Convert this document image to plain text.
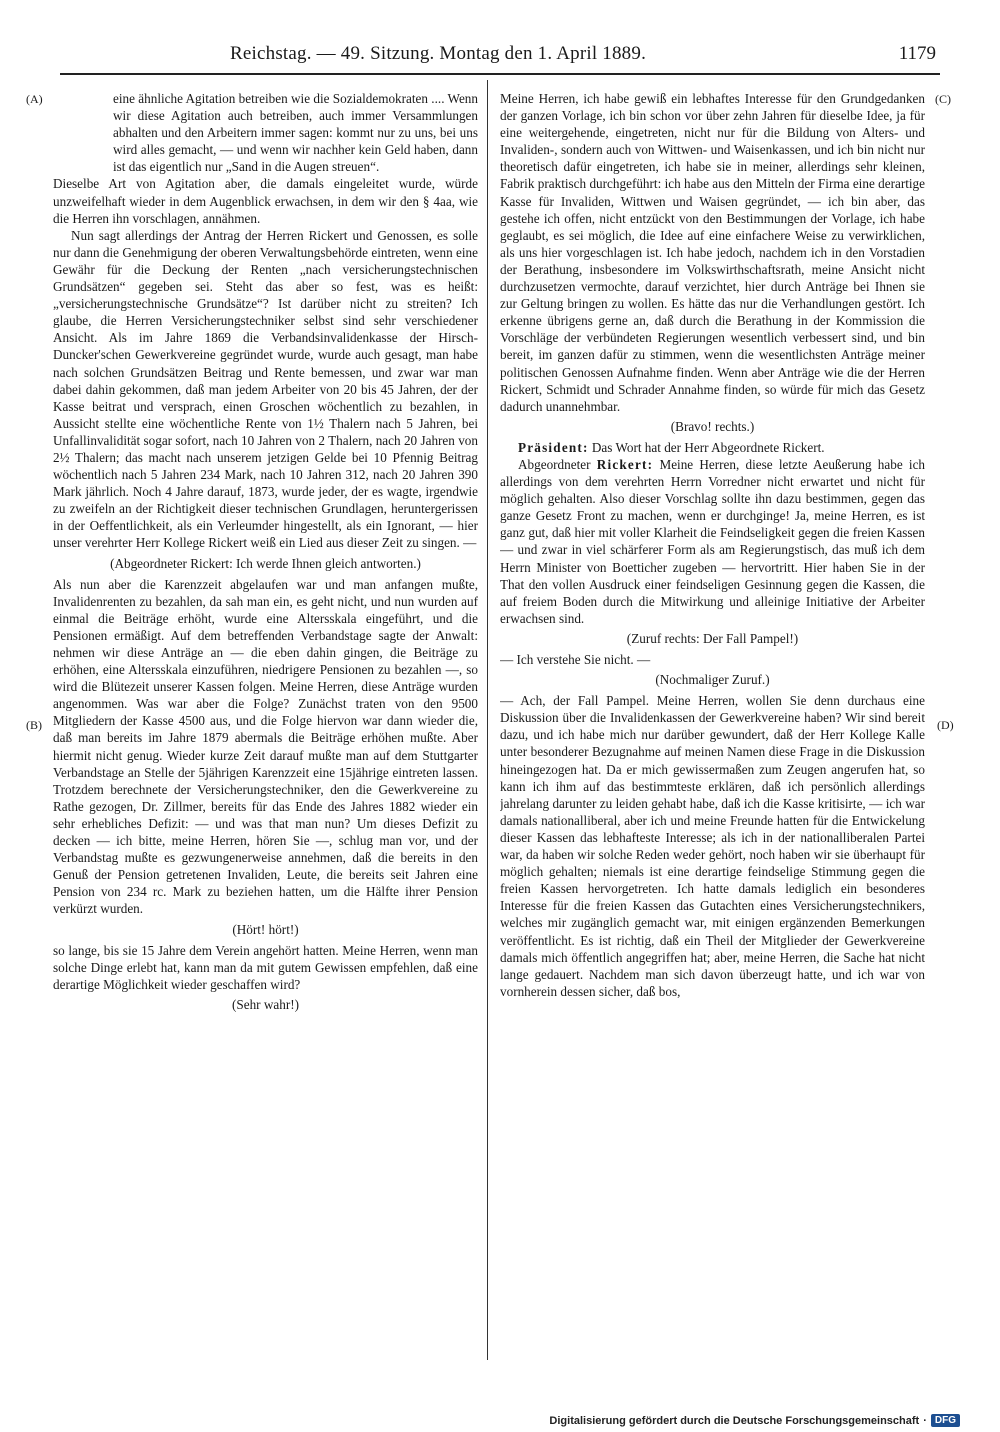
Reichstag. — 49. Sitzung. Montag den 1. April 1889.	1179
(A)
(B)
(C)
(D)

eine ähnliche Agitation betreiben wie die Sozialdemokraten .... Wenn wir diese Agitation auch betreiben, auch immer Versammlungen abhalten und den Arbeitern immer sagen: kommt nur zu uns, bei uns wird alles gemacht, — und wenn wir nachher kein Geld haben, dann ist das eigentlich nur „Sand in die Augen streuen“.

Dieselbe Art von Agitation aber, die damals eingeleitet wurde, würde unzweifelhaft wieder in dem Augenblick erwachsen, in dem wir den § 4aa, wie die Herren ihn vorschlagen, annähmen.

Nun sagt allerdings der Antrag der Herren Rickert und Genossen, es solle nur dann die Genehmigung der oberen Verwaltungsbehörde eintreten, wenn eine Gewähr für die Deckung der Renten „nach versicherungstechnischen Grundsätzen“ gegeben sei. Steht das aber so fest, was es heißt: „versicherungstechnische Grundsätze“? Ist darüber nicht zu streiten? Ich glaube, die Herren Versicherungstechniker selbst sind sehr verschiedener Ansicht. Als im Jahre 1869 die Verbandsinvalidenkasse der Hirsch-Duncker'schen Gewerkvereine gegründet wurde, wurde auch gesagt, man habe nach solchen Grundsätzen Beitrag und Rente bemessen, und zwar war man dabei dahin gekommen, daß man jedem Arbeiter von 20 bis 45 Jahren, der der Kasse beitrat und versprach, einen Groschen wöchentlich zu bezahlen, in Aussicht stellte eine wöchentliche Rente von 1½ Thalern nach 5 Jahren, bei Unfallinvalidität sogar sofort, nach 10 Jahren von 2 Thalern, nach 20 Jahren von 2½ Thalern; das macht nach unserem jetzigen Gelde bei 10 Pfennig Beitrag wöchentlich nach 5 Jahren 234 Mark, nach 10 Jahren 312, nach 20 Jahren 390 Mark jährlich. Noch 4 Jahre darauf, 1873, wurde jeder, der es wagte, irgendwie zu zweifeln an der Richtigkeit dieser technischen Grundlagen, heruntergerissen in der Oeffentlichkeit, als ein Verleumder hingestellt, als ein Ignorant, — hier unser verehrter Herr Kollege Rickert weiß ein Lied aus dieser Zeit zu singen. —

(Abgeordneter Rickert: Ich werde Ihnen gleich antworten.)

Als nun aber die Karenzzeit abgelaufen war und man anfangen mußte, Invalidenrenten zu bezahlen, da sah man ein, es geht nicht, und nun wurden auf einmal die Beiträge erhöht, wurde eine Altersskala eingeführt, und die Pensionen ermäßigt. Auf dem betreffenden Verbandstage sagte der Anwalt: nehmen wir diese Anträge an — die eben dahin gingen, die Beiträge zu erhöhen, eine Altersskala einzuführen, niedrigere Pensionen zu bezahlen —, so wird die Blütezeit unserer Kassen folgen. Meine Herren, diese Anträge wurden angenommen. Was war aber die Folge? Zunächst traten von den 9500 Mitgliedern der Kasse 4500 aus, und die Folge hiervon war dann wieder die, daß man bereits im Jahre 1879 abermals die Beiträge erhöhen mußte. Aber hiermit nicht genug. Wieder kurze Zeit darauf mußte man auf dem Stuttgarter Verbandstage an Stelle der 5jährigen Karenzzeit eine 15jährige eintreten lassen. Trotzdem berechnete der Versicherungstechniker, den die Gewerkvereine zu Rathe gezogen, Dr. Zillmer, bereits für das Ende des Jahres 1882 wieder ein sehr erhebliches Defizit: — und was that man nun? Um dieses Defizit zu decken — ich bitte, meine Herren, hören Sie —, schlug man vor, und der Verbandstag mußte es gezwungenerweise annehmen, daß die bereits in den Genuß der Pension getretenen Invaliden, Leute, die bereits seit Jahren eine Pension von 234 rc. Mark zu beziehen hatten, um die Hälfte ihrer Pension verkürzt wurden.

(Hört! hört!)

so lange, bis sie 15 Jahre dem Verein angehört hatten. Meine Herren, wenn man solche Dinge erlebt hat, kann man da mit gutem Gewissen empfehlen, daß eine derartige Möglichkeit wieder geschaffen wird?

(Sehr wahr!)

Meine Herren, ich habe gewiß ein lebhaftes Interesse für den Grundgedanken der ganzen Vorlage, ich bin schon vor über zehn Jahren für dieselbe Idee, ja für eine weitergehende, eingetreten, nicht nur für die Bildung von Alters- und Invaliden-, sondern auch von Wittwen- und Waisenkassen, und ich bin nicht nur theoretisch dafür eingetreten, ich habe sie in meiner, allerdings sehr kleinen, Fabrik praktisch durchgeführt: ich habe aus den Mitteln der Firma eine derartige Kasse für Invaliden, Wittwen und Waisen gegründet, — ich bin aber, das gestehe ich offen, nicht entzückt von den Bestimmungen der Vorlage, ich habe geglaubt, es sei möglich, die Idee auf eine einfachere Weise zu verwirklichen, als uns hier vorgeschlagen ist. Ich habe jedoch, nachdem ich in den Vorstadien der Berathung, insbesondere im Volkswirthschaftsrath, meine Ansicht nicht durchzusetzen vermochte, darauf verzichtet, hier durch Anträge bei Ihnen sie zur Geltung bringen zu wollen. Es hätte das nur die Verhandlungen gestört. Ich erkenne übrigens gerne an, daß durch die Berathung in der Kommission die Vorschläge der verbündeten Regierungen wesentlich verbessert sind, und bin bereit, im ganzen dafür zu stimmen, wenn die wesentlichsten Anträge meiner politischen Genossen Aufnahme finden. Wenn aber Anträge wie die der Herren Rickert, Schmidt und Schrader Annahme finden, so würde für mich das Gesetz dadurch unannehmbar.

(Bravo! rechts.)

Präsident: Das Wort hat der Herr Abgeordnete Rickert.

Abgeordneter Rickert: Meine Herren, diese letzte Aeußerung habe ich allerdings von dem verehrten Herrn Vorredner nicht erwartet und nicht für möglich gehalten. Also dieser Vorschlag sollte ihn dazu bestimmen, gegen das ganze Gesetz Front zu machen, wenn er durchginge! Ja, meine Herren, es ist ganz gut, daß hier mit voller Klarheit die Feindseligkeit gegen die freien Kassen — und zwar in viel schärferer Form als am Regierungstisch, das muß ich dem Herrn Minister von Boetticher zugeben — hervortritt. Hier haben Sie in der That den vollen Ausdruck einer feindseligen Gesinnung gegen die Kassen, die auf freiem Boden durch die Mitwirkung und alleinige Initiative der Arbeiter erwachsen sind.

(Zuruf rechts: Der Fall Pampel!)

— Ich verstehe Sie nicht. —

(Nochmaliger Zuruf.)

— Ach, der Fall Pampel. Meine Herren, wollen Sie denn durchaus eine Diskussion über die Invalidenkassen der Gewerkvereine haben? Wir sind bereit dazu, und ich habe mich nur darüber gewundert, daß der Herr Kollege Kalle unter besonderer Bezugnahme auf meinen Namen diese Frage in die Diskussion hineingezogen hat. Da er mich gewissermaßen zum Zeugen angerufen hat, so kann ich ihm auf das bestimmteste erklären, daß ich persönlich allerdings jahrelang darunter zu leiden gehabt habe, daß ich die Kasse kritisirte, — ich war damals nationalliberal, aber ich und meine Freunde hatten für die Entwickelung dieser Kassen das lebhafteste Interesse; als ich in der nationalliberalen Partei war, da haben wir solche Reden weder gehört, noch haben wir sie überhaupt für möglich gehalten; niemals ist eine derartige feindselige Stimmung gegen die freien Kassen hervorgetreten. Ich hatte damals lediglich ein besonderes Interesse für die freien Kassen das Gutachten eines Versicherungstechnikers, welches mir zugänglich gemacht war, mit einigen ergänzenden Bemerkungen veröffentlicht. Es ist richtig, daß ein Theil der Mitglieder der Gewerkvereine damals mich öffentlich angegriffen hat; aber, meine Herren, die Sache hat nicht lange gedauert. Nachdem man sich davon überzeugt hatte, und ich war von vornherein dessen sicher, daß bos,

Digitalisierung gefördert durch die Deutsche Forschungsgemeinschaft · DFG
